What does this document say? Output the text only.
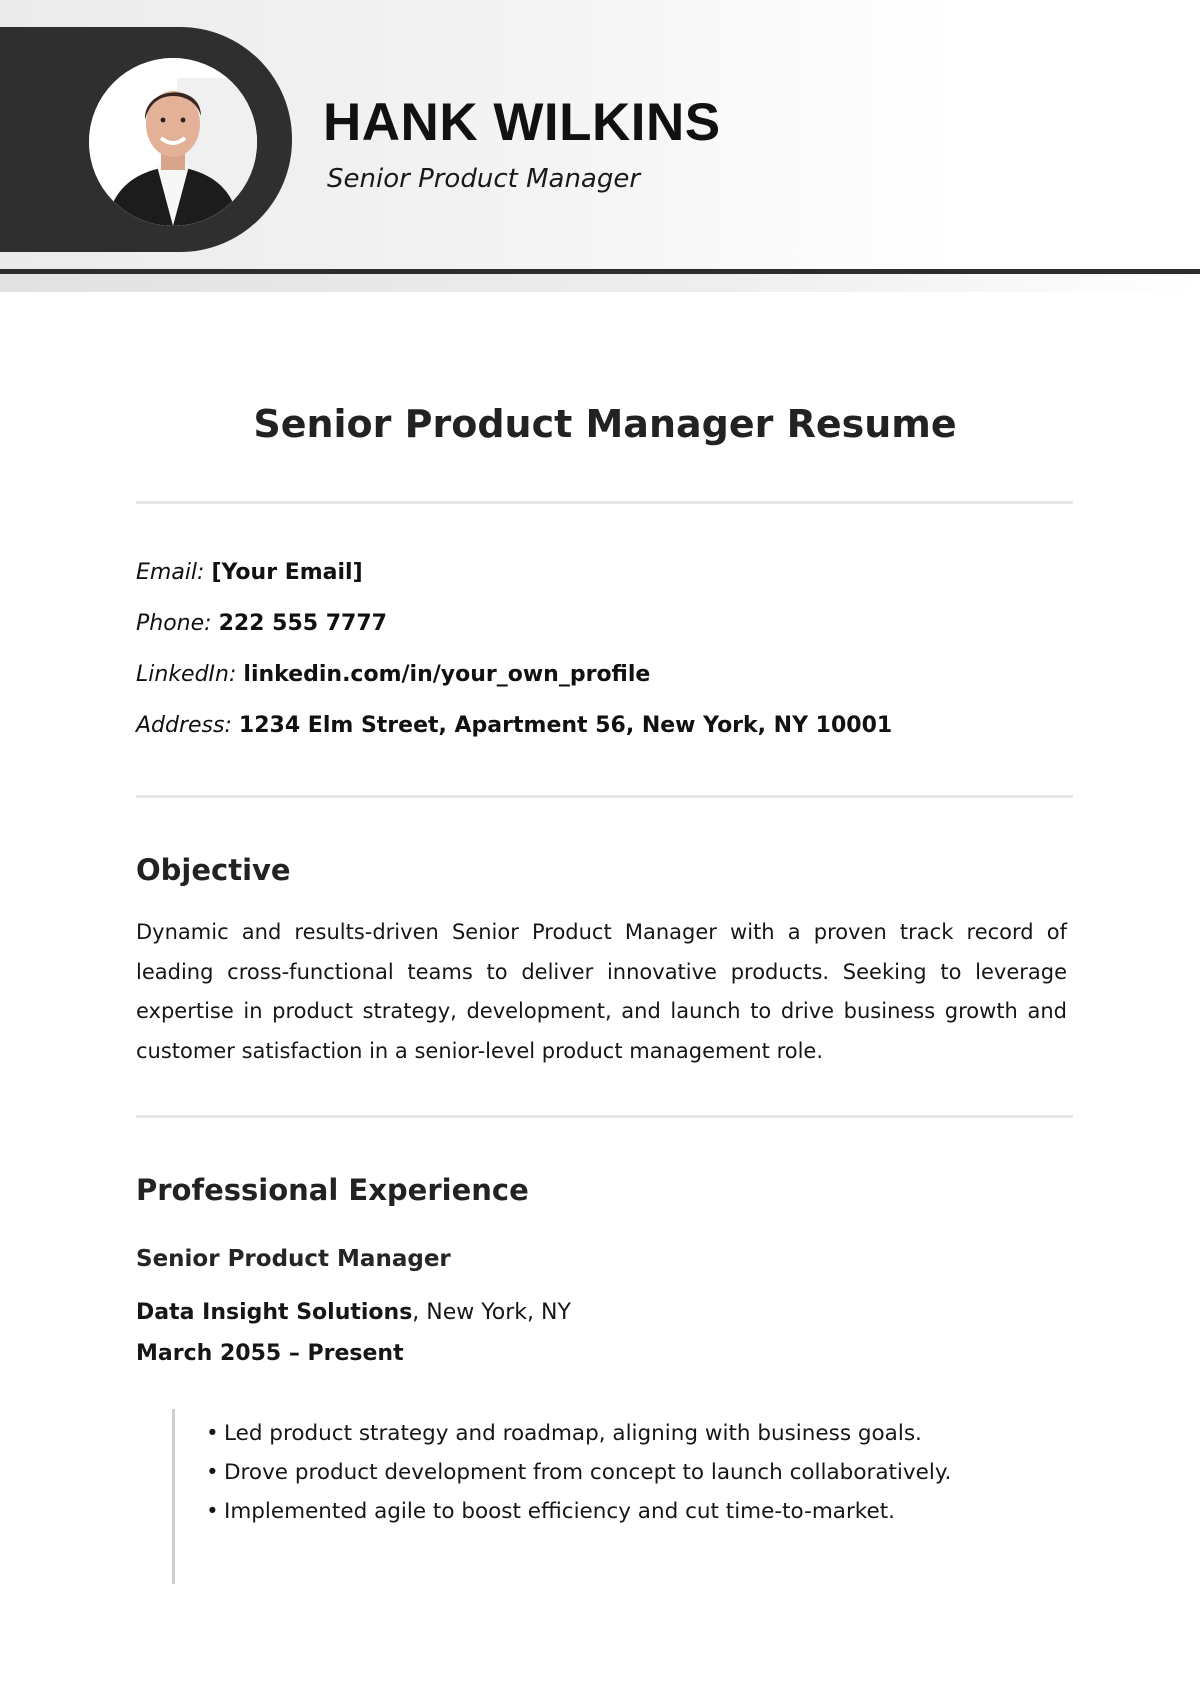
HANK WILKINS
Senior Product Manager
Senior Product Manager Resume
Email: [Your Email]
Phone: 222 555 7777
LinkedIn: linkedin.com/in/your_own_profile
Address: 1234 Elm Street, Apartment 56, New York, NY 10001
Objective
Dynamic and results-driven Senior Product Manager with a proven track record of leading cross-functional teams to deliver innovative products. Seeking to leverage expertise in product strategy, development, and launch to drive business growth and customer satisfaction in a senior-level product management role.
Professional Experience
Senior Product Manager
Data Insight Solutions, New York, NY
March 2055 – Present
• Led product strategy and roadmap, aligning with business goals.
• Drove product development from concept to launch collaboratively.
• Implemented agile to boost efficiency and cut time-to-market.
